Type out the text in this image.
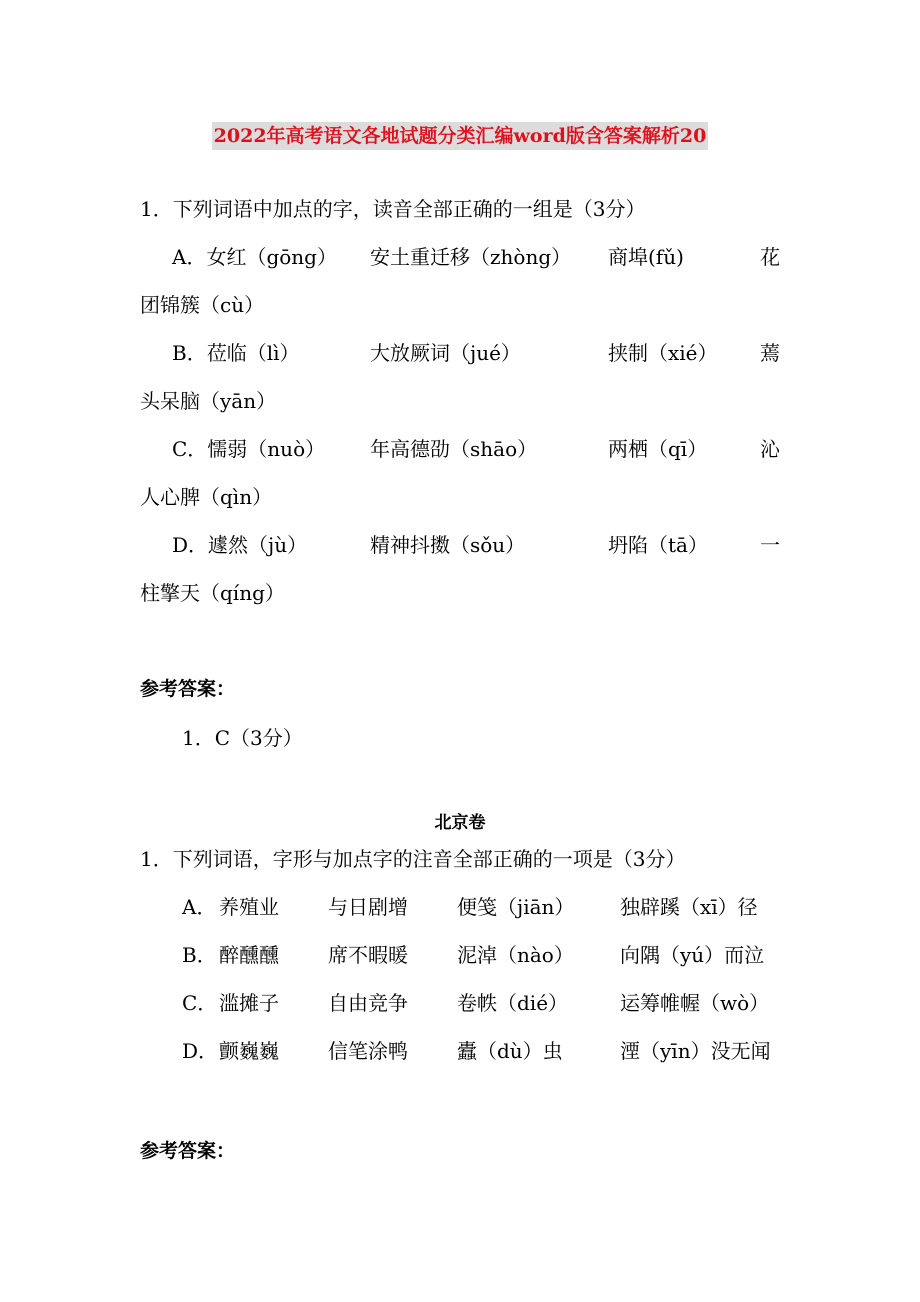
2022年高考语文各地试题分类汇编word版含答案解析20
1．下列词语中加点的字，读音全部正确的一组是（3分）
A．女红（gōng） 安土重迁移（zhòng） 商埠(fǔ)	花
团锦簇（cù）
B．莅临（lì）	大放厥词（jué）	挟制（xié） 蔫
头呆脑（yān）
C．懦弱（nuò） 年高德劭（shāo）	两栖（qī）	沁
人心脾（qìn）
D．遽然（jù）	精神抖擞（sǒu）	坍陷（tā）	一
柱擎天（qíng）
参考答案：
1．C（3分）
北京卷
1．下列词语，字形与加点字的注音全部正确的一项是（3分）
A． 养殖业 与日剧增 便笺（jiān） 独辟蹊（xī）径
B． 醉醺醺 席不暇暖 泥淖（nào） 向隅（yú）而泣
C． 滥摊子 自由竞争 卷帙（dié）	运筹帷幄（wò）
D． 颤巍巍 信笔涂鸭 蠹（dù）虫	湮（yīn）没无闻
参考答案：
